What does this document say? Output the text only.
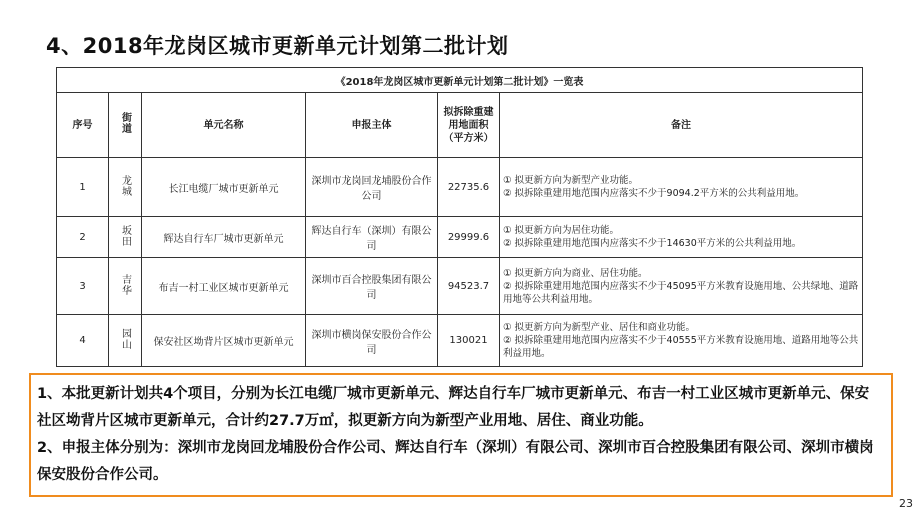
4、2018年龙岗区城市更新单元计划第二批计划
《2018年龙岗区城市更新单元计划第二批计划》一览表					
序号	街道	单元名称	申报主体	拟拆除重建用地面积（平方米）	备注
1	龙城	长江电缆厂城市更新单元	深圳市龙岗回龙埔股份合作公司	22735.6	① 拟更新方向为新型产业功能。
② 拟拆除重建用地范围内应落实不少于9094.2平方米的公共利益用地。

2	坂田	辉达自行车厂城市更新单元	辉达自行车（深圳）有限公司	29999.6	① 拟更新方向为居住功能。
② 拟拆除重建用地范围内应落实不少于14630平方米的公共利益用地。

3	吉华	布吉一村工业区城市更新单元	深圳市百合控股集团有限公司	94523.7	① 拟更新方向为商业、居住功能。
② 拟拆除重建用地范围内应落实不少于45095平方米教育设施用地、公共绿地、道路用地等公共利益用地。

4	园山	保安社区坳背片区城市更新单元	深圳市横岗保安股份合作公司	130021	① 拟更新方向为新型产业、居住和商业功能。
② 拟拆除重建用地范围内应落实不少于40555平方米教育设施用地、道路用地等公共利益用地。

1、本批更新计划共4个项目，分别为长江电缆厂城市更新单元、辉达自行车厂城市更新单元、布吉一村工业区城市更新单元、保安社区坳背片区城市更新单元，合计约27.7万㎡，拟更新方向为新型产业用地、居住、商业功能。

2、申报主体分别为：深圳市龙岗回龙埔股份合作公司、辉达自行车（深圳）有限公司、深圳市百合控股集团有限公司、深圳市横岗保安股份合作公司。

23
